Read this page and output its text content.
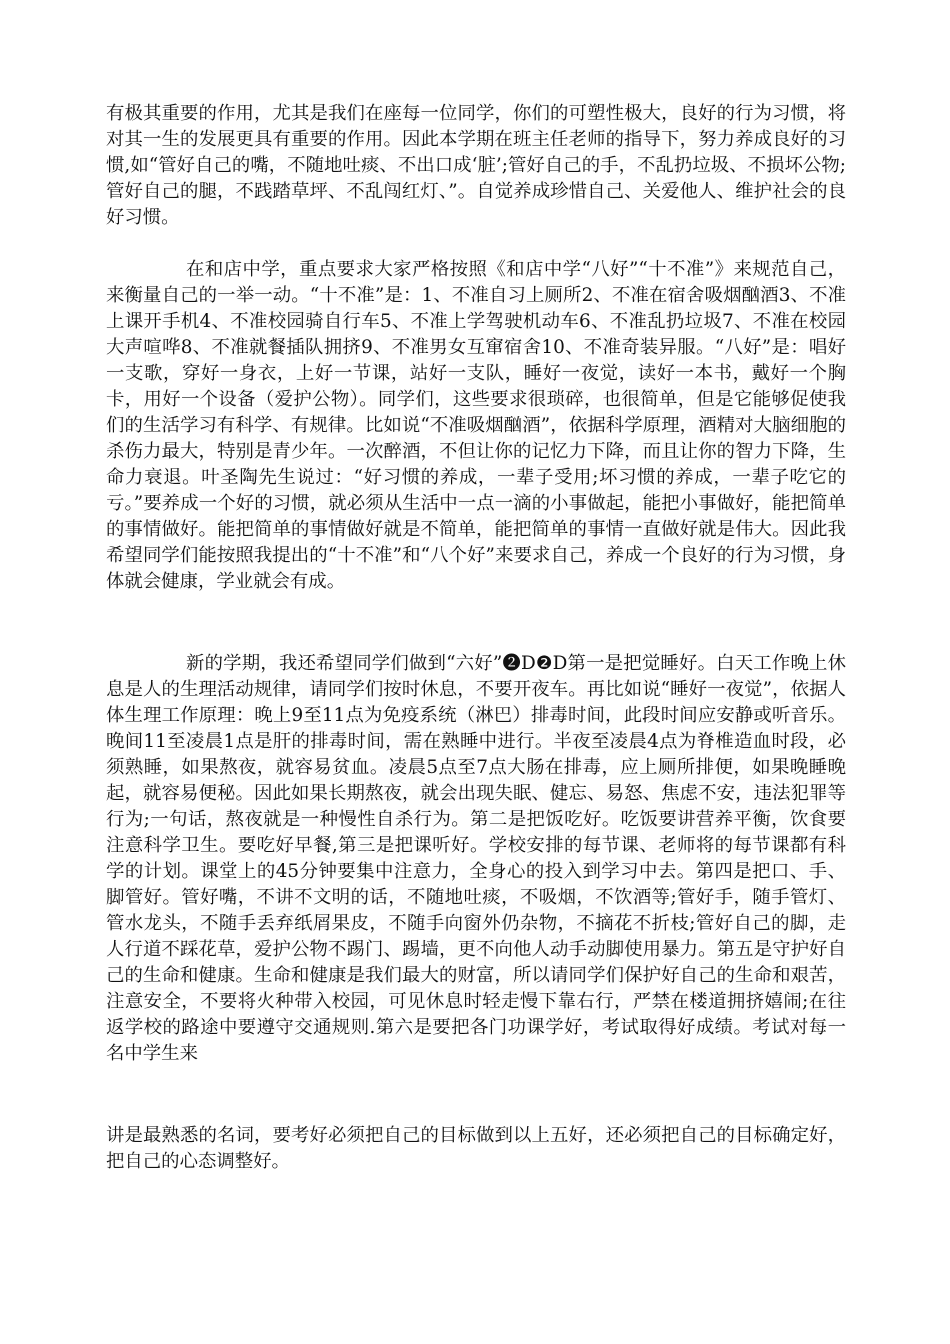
有极其重要的作用，尤其是我们在座每一位同学，你们的可塑性极大，良好的行为习惯，将对其一生的发展更具有重要的作用。因此本学期在班主任老师的指导下，努力养成良好的习惯,如“管好自己的嘴，不随地吐痰、不出口成‘脏’;管好自己的手，不乱扔垃圾、不损坏公物;管好自己的腿，不践踏草坪、不乱闯红灯、”。自觉养成珍惜自己、关爱他人、维护社会的良好习惯。

在和店中学，重点要求大家严格按照《和店中学“八好”“十不准”》来规范自己，来衡量自己的一举一动。“十不准”是：1、不准自习上厕所2、不准在宿舍吸烟酗酒3、不准上课开手机4、不准校园骑自行车5、不准上学驾驶机动车6、不准乱扔垃圾7、不准在校园大声喧哗8、不准就餐插队拥挤9、不准男女互窜宿舍10、不准奇装异服。“八好”是：唱好一支歌，穿好一身衣，上好一节课，站好一支队，睡好一夜觉，读好一本书，戴好一个胸卡，用好一个设备（爱护公物）。同学们，这些要求很琐碎，也很简单，但是它能够促使我们的生活学习有科学、有规律。比如说“不准吸烟酗酒”，依据科学原理，酒精对大脑细胞的杀伤力最大，特别是青少年。一次醉酒，不但让你的记忆力下降，而且让你的智力下降，生命力衰退。叶圣陶先生说过：“好习惯的养成，一辈子受用;坏习惯的养成，一辈子吃它的亏。”要养成一个好的习惯，就必须从生活中一点一滴的小事做起，能把小事做好，能把简单的事情做好。能把简单的事情做好就是不简单，能把简单的事情一直做好就是伟大。因此我希望同学们能按照我提出的“十不准”和“八个好”来要求自己，养成一个良好的行为习惯，身体就会健康，学业就会有成。

新的学期，我还希望同学们做到“六好”❷D❷D第一是把觉睡好。白天工作晚上休息是人的生理活动规律，请同学们按时休息，不要开夜车。再比如说“睡好一夜觉”，依据人体生理工作原理：晚上9至11点为免疫系统（淋巴）排毒时间，此段时间应安静或听音乐。晚间11至凌晨1点是肝的排毒时间，需在熟睡中进行。半夜至凌晨4点为脊椎造血时段，必须熟睡，如果熬夜，就容易贫血。凌晨5点至7点大肠在排毒，应上厕所排便，如果晚睡晚起，就容易便秘。因此如果长期熬夜，就会出现失眠、健忘、易怒、焦虑不安，违法犯罪等行为;一句话，熬夜就是一种慢性自杀行为。第二是把饭吃好。吃饭要讲营养平衡，饮食要注意科学卫生。要吃好早餐,第三是把课听好。学校安排的每节课、老师将的每节课都有科学的计划。课堂上的45分钟要集中注意力，全身心的投入到学习中去。第四是把口、手、脚管好。管好嘴，不讲不文明的话，不随地吐痰，不吸烟，不饮酒等;管好手，随手管灯、管水龙头，不随手丢弃纸屑果皮，不随手向窗外仍杂物，不摘花不折枝;管好自己的脚，走人行道不踩花草，爱护公物不踢门、踢墙，更不向他人动手动脚使用暴力。第五是守护好自己的生命和健康。生命和健康是我们最大的财富，所以请同学们保护好自己的生命和艰苦，注意安全，不要将火种带入校园，可见休息时轻走慢下靠右行，严禁在楼道拥挤嬉闹;在往返学校的路途中要遵守交通规则.第六是要把各门功课学好，考试取得好成绩。考试对每一名中学生来

讲是最熟悉的名词，要考好必须把自己的目标做到以上五好，还必须把自己的目标确定好，把自己的心态调整好。
